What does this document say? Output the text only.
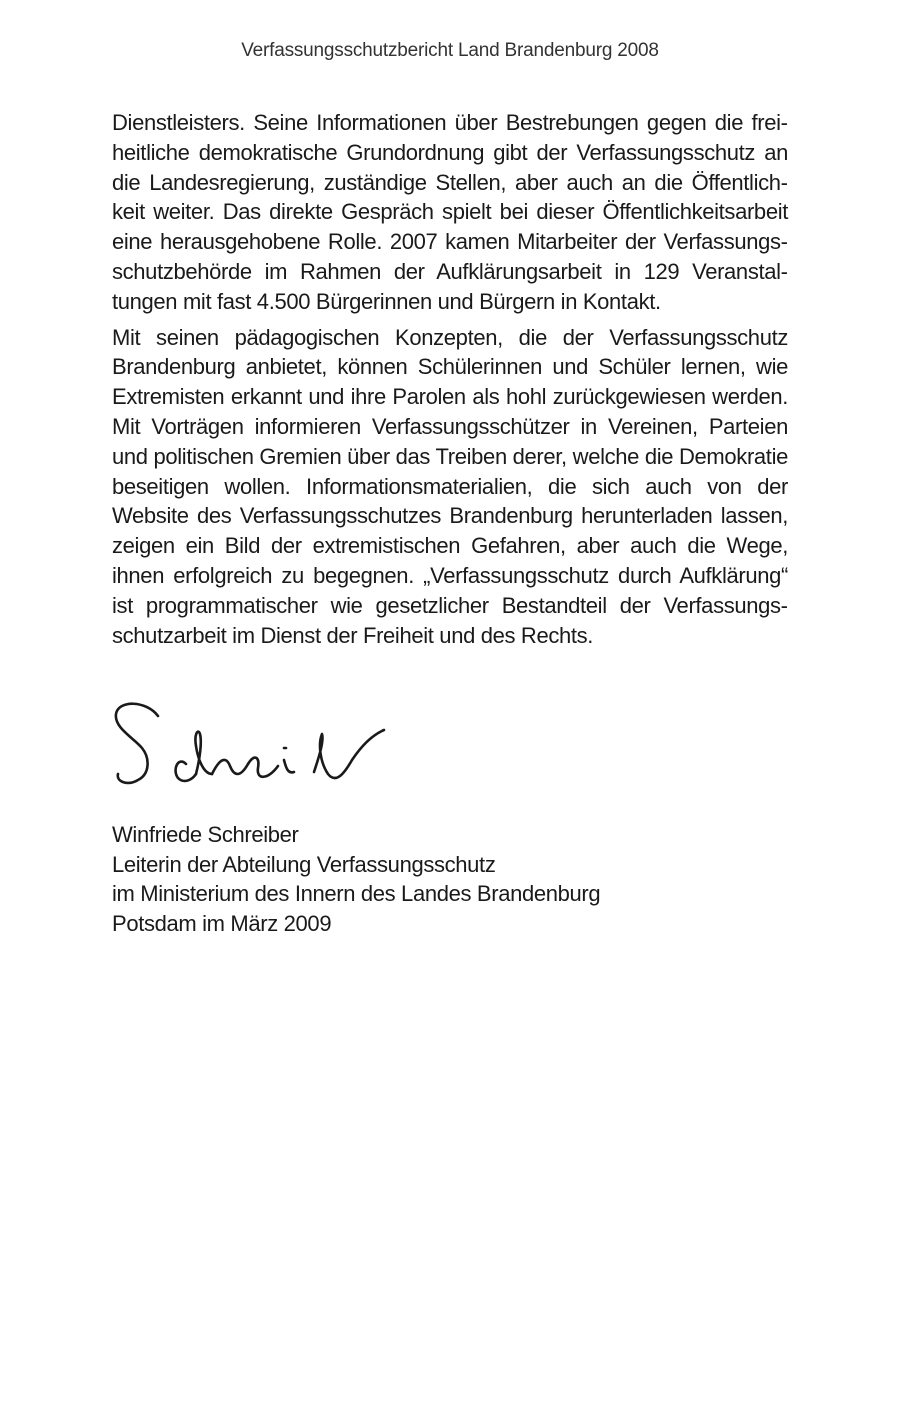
Verfassungsschutzbericht Land Brandenburg 2008

Dienstleisters. Seine Informationen über Bestrebungen gegen die freiheitliche demokratische Grundordnung gibt der Verfassungsschutz an die Landesregierung, zuständige Stellen, aber auch an die Öffentlichkeit weiter. Das direkte Gespräch spielt bei dieser Öffentlichkeitsarbeit eine herausgehobene Rolle. 2007 kamen Mitarbeiter der Verfassungsschutzbehörde im Rahmen der Aufklärungsarbeit in 129 Veranstaltungen mit fast 4.500 Bürgerinnen und Bürgern in Kontakt.

Mit seinen pädagogischen Konzepten, die der Verfassungsschutz Brandenburg anbietet, können Schülerinnen und Schüler lernen, wie Extremisten erkannt und ihre Parolen als hohl zurückgewiesen werden. Mit Vorträgen informieren Verfassungsschützer in Vereinen, Parteien und politischen Gremien über das Treiben derer, welche die Demokratie beseitigen wollen. Informationsmaterialien, die sich auch von der Website des Verfassungsschutzes Brandenburg herunterladen lassen, zeigen ein Bild der extremistischen Gefahren, aber auch die Wege, ihnen erfolgreich zu begegnen. „Verfassungsschutz durch Aufklärung“ ist programmatischer wie gesetzlicher Bestandteil der Verfassungsschutzarbeit im Dienst der Freiheit und des Rechts.

Winfriede Schreiber
Leiterin der Abteilung Verfassungsschutz
im Ministerium des Innern des Landes Brandenburg
Potsdam im März 2009
